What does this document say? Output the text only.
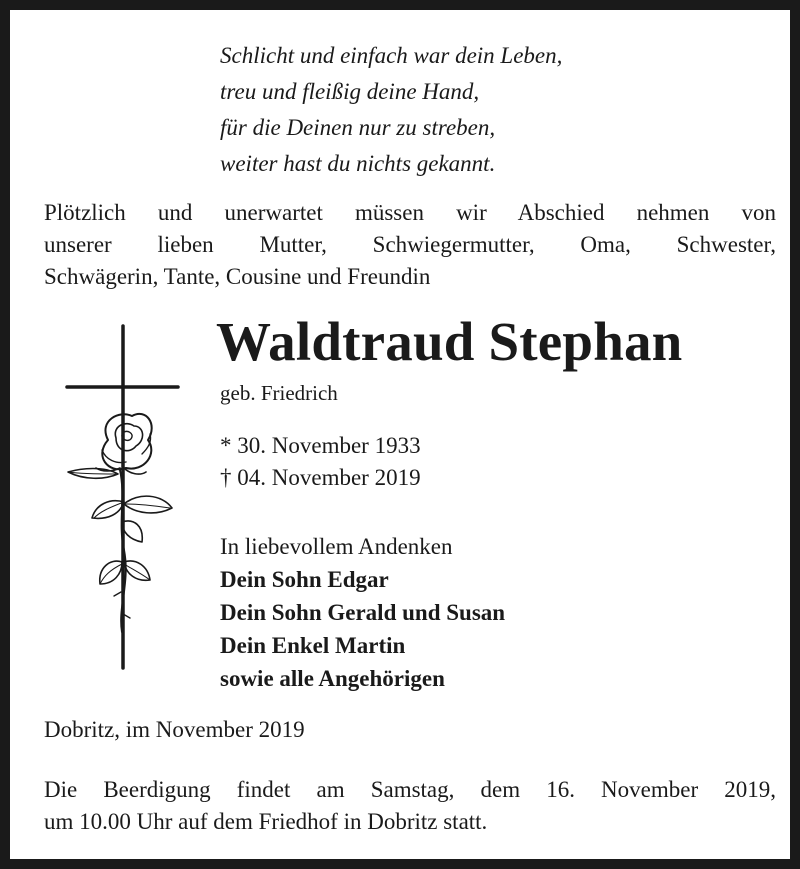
Schlicht und einfach war dein Leben,
treu und fleißig deine Hand,
für die Deinen nur zu streben,
weiter hast du nichts gekannt.
Plötzlich und unerwartet müssen wir Abschied nehmen von
unserer lieben Mutter, Schwiegermutter, Oma, Schwester,
Schwägerin, Tante, Cousine und Freundin
Waldtraud Stephan
geb. Friedrich
* 30. November 1933
† 04. November 2019
In liebevollem Andenken
Dein Sohn Edgar
Dein Sohn Gerald und Susan
Dein Enkel Martin
sowie alle Angehörigen
Dobritz, im November 2019
Die Beerdigung findet am Samstag, dem 16. November 2019,
um 10.00 Uhr auf dem Friedhof in Dobritz statt.
